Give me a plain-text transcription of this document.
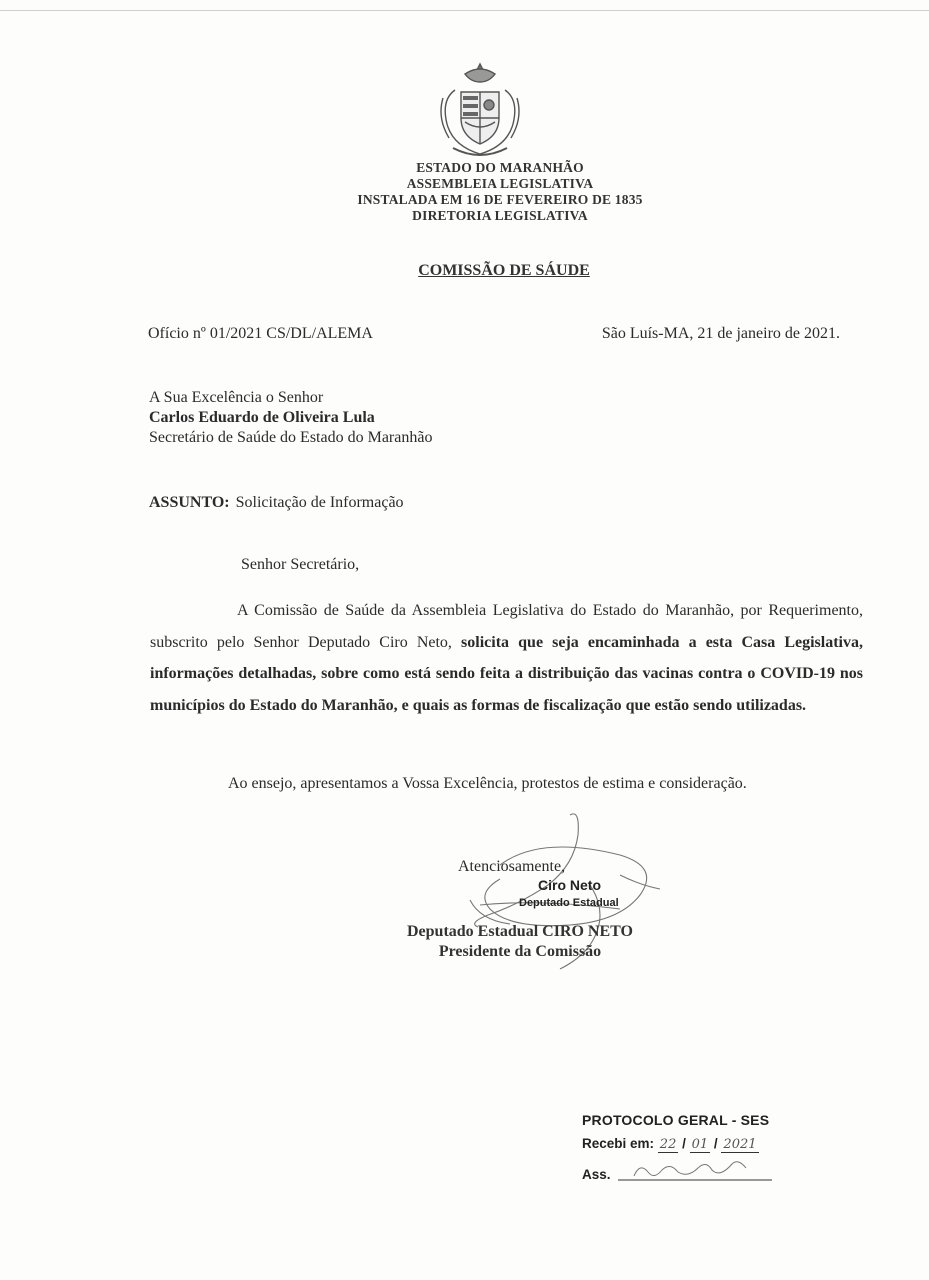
ESTADO DO MARANHÃO
ASSEMBLEIA LEGISLATIVA
INSTALADA EM 16 DE FEVEREIRO DE 1835
DIRETORIA LEGISLATIVA
COMISSÃO DE SÁUDE
Ofício nº 01/2021 CS/DL/ALEMA	São Luís-MA, 21 de janeiro de 2021.
A Sua Excelência o Senhor
Carlos Eduardo de Oliveira Lula
Secretário de Saúde do Estado do Maranhão
ASSUNTO: Solicitação de Informação
Senhor Secretário,
A Comissão de Saúde da Assembleia Legislativa do Estado do Maranhão, por Requerimento, subscrito pelo Senhor Deputado Ciro Neto, solicita que seja encaminhada a esta Casa Legislativa, informações detalhadas, sobre como está sendo feita a distribuição das vacinas contra o COVID-19 nos municípios do Estado do Maranhão, e quais as formas de fiscalização que estão sendo utilizadas.
Ao ensejo, apresentamos a Vossa Excelência, protestos de estima e consideração.
Atenciosamente,
Ciro Neto
Deputado Estadual
Deputado Estadual CIRO NETO
Presidente da Comissão
PROTOCOLO GERAL - SES
Recebi em: 22 / 01 / 2021
Ass.
